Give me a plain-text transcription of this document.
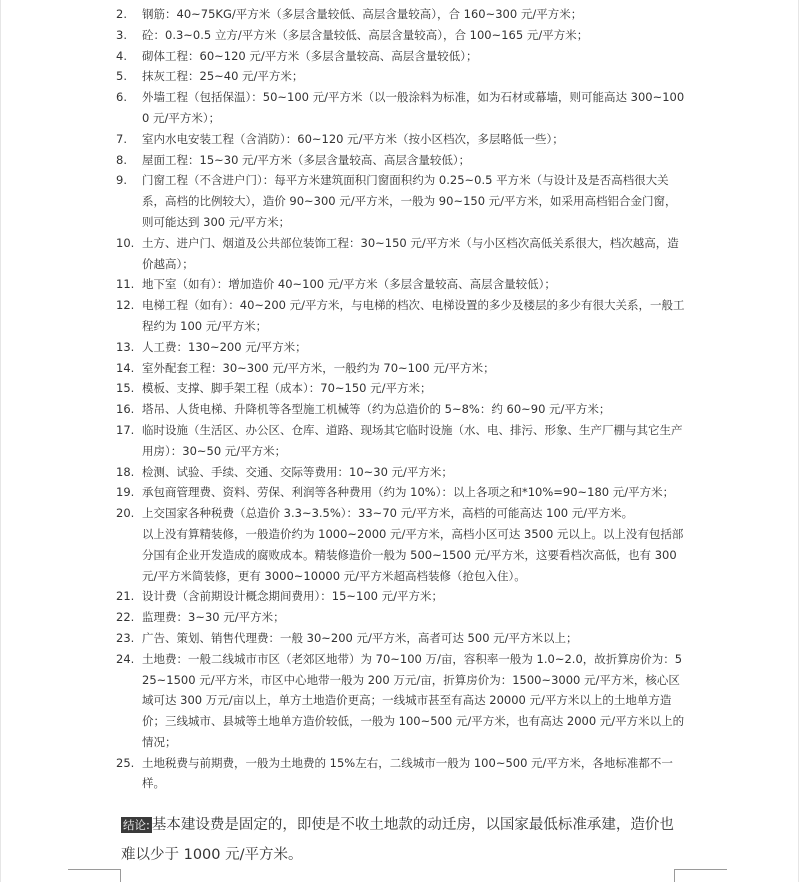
2.	钢筋：40~75KG/平方米（多层含量较低、高层含量较高），合 160~300 元/平方米；
3.	砼：0.3~0.5 立方/平方米（多层含量较低、高层含量较高），合 100~165 元/平方米；
4.	砌体工程：60~120 元/平方米（多层含量较高、高层含量较低）；
5.	抹灰工程：25~40 元/平方米；
6.	外墙工程（包括保温）：50~100 元/平方米（以一般涂料为标准，如为石材或幕墙，则可能高达 300~1000 元/平方米）；
7.	室内水电安装工程（含消防）：60~120 元/平方米（按小区档次，多层略低一些）；
8.	屋面工程：15~30 元/平方米（多层含量较高、高层含量较低）；
9.	门窗工程（不含进户门）：每平方米建筑面积门窗面积约为 0.25~0.5 平方米（与设计及是否高档很大关系，高档的比例较大），造价 90~300 元/平方米，一般为 90~150 元/平方米，如采用高档铝合金门窗，则可能达到 300 元/平方米；
10. 土方、进户门、烟道及公共部位装饰工程：30~150 元/平方米（与小区档次高低关系很大，档次越高，造价越高）；
11. 地下室（如有）：增加造价 40~100 元/平方米（多层含量较高、高层含量较低）；
12. 电梯工程（如有）：40~200 元/平方米，与电梯的档次、电梯设置的多少及楼层的多少有很大关系，一般工程约为 100 元/平方米；
13. 人工费：130~200 元/平方米；
14. 室外配套工程：30~300 元/平方米，一般约为 70~100 元/平方米；
15. 模板、支撑、脚手架工程（成本）：70~150 元/平方米；
16. 塔吊、人货电梯、升降机等各型施工机械等（约为总造价的 5~8%：约 60~90 元/平方米；
17. 临时设施（生活区、办公区、仓库、道路、现场其它临时设施（水、电、排污、形象、生产厂棚与其它生产用房）：30~50 元/平方米；
18. 检测、试验、手续、交通、交际等费用：10~30 元/平方米；
19. 承包商管理费、资料、劳保、利润等各种费用（约为 10%）：以上各项之和*10%=90~180 元/平方米；
20. 上交国家各种税费（总造价 3.3~3.5%）：33~70 元/平方米，高档的可能高达 100 元/平方米。
以上没有算精装修，一般造价约为 1000~2000 元/平方米，高档小区可达 3500 元以上。以上没有包括部分国有企业开发造成的腐败成本。精装修造价一般为 500~1500 元/平方米，这要看档次高低，也有 300 元/平方米简装修，更有 3000~10000 元/平方米超高档装修（抢包入住）。
21. 设计费（含前期设计概念期间费用）：15~100 元/平方米；
22. 监理费：3~30 元/平方米；
23. 广告、策划、销售代理费：一般 30~200 元/平方米，高者可达 500 元/平方米以上；
24. 土地费：一般二线城市市区（老郊区地带）为 70~100 万/亩，容积率一般为 1.0~2.0，故折算房价为：525~1500 元/平方米，市区中心地带一般为 200 万元/亩，折算房价为：1500~3000 元/平方米，核心区域可达 300 万元/亩以上，单方土地造价更高；一线城市甚至有高达 20000 元/平方米以上的土地单方造价；三线城市、县城等土地单方造价较低，一般为 100~500 元/平方米，也有高达 2000 元/平方米以上的情况；
25. 土地税费与前期费，一般为土地费的 15%左右，二线城市一般为 100~500 元/平方米，各地标准都不一样。
结论: 基本建设费是固定的，即使是不收土地款的动迁房，以国家最低标准承建，造价也难以少于 1000 元/平方米。
